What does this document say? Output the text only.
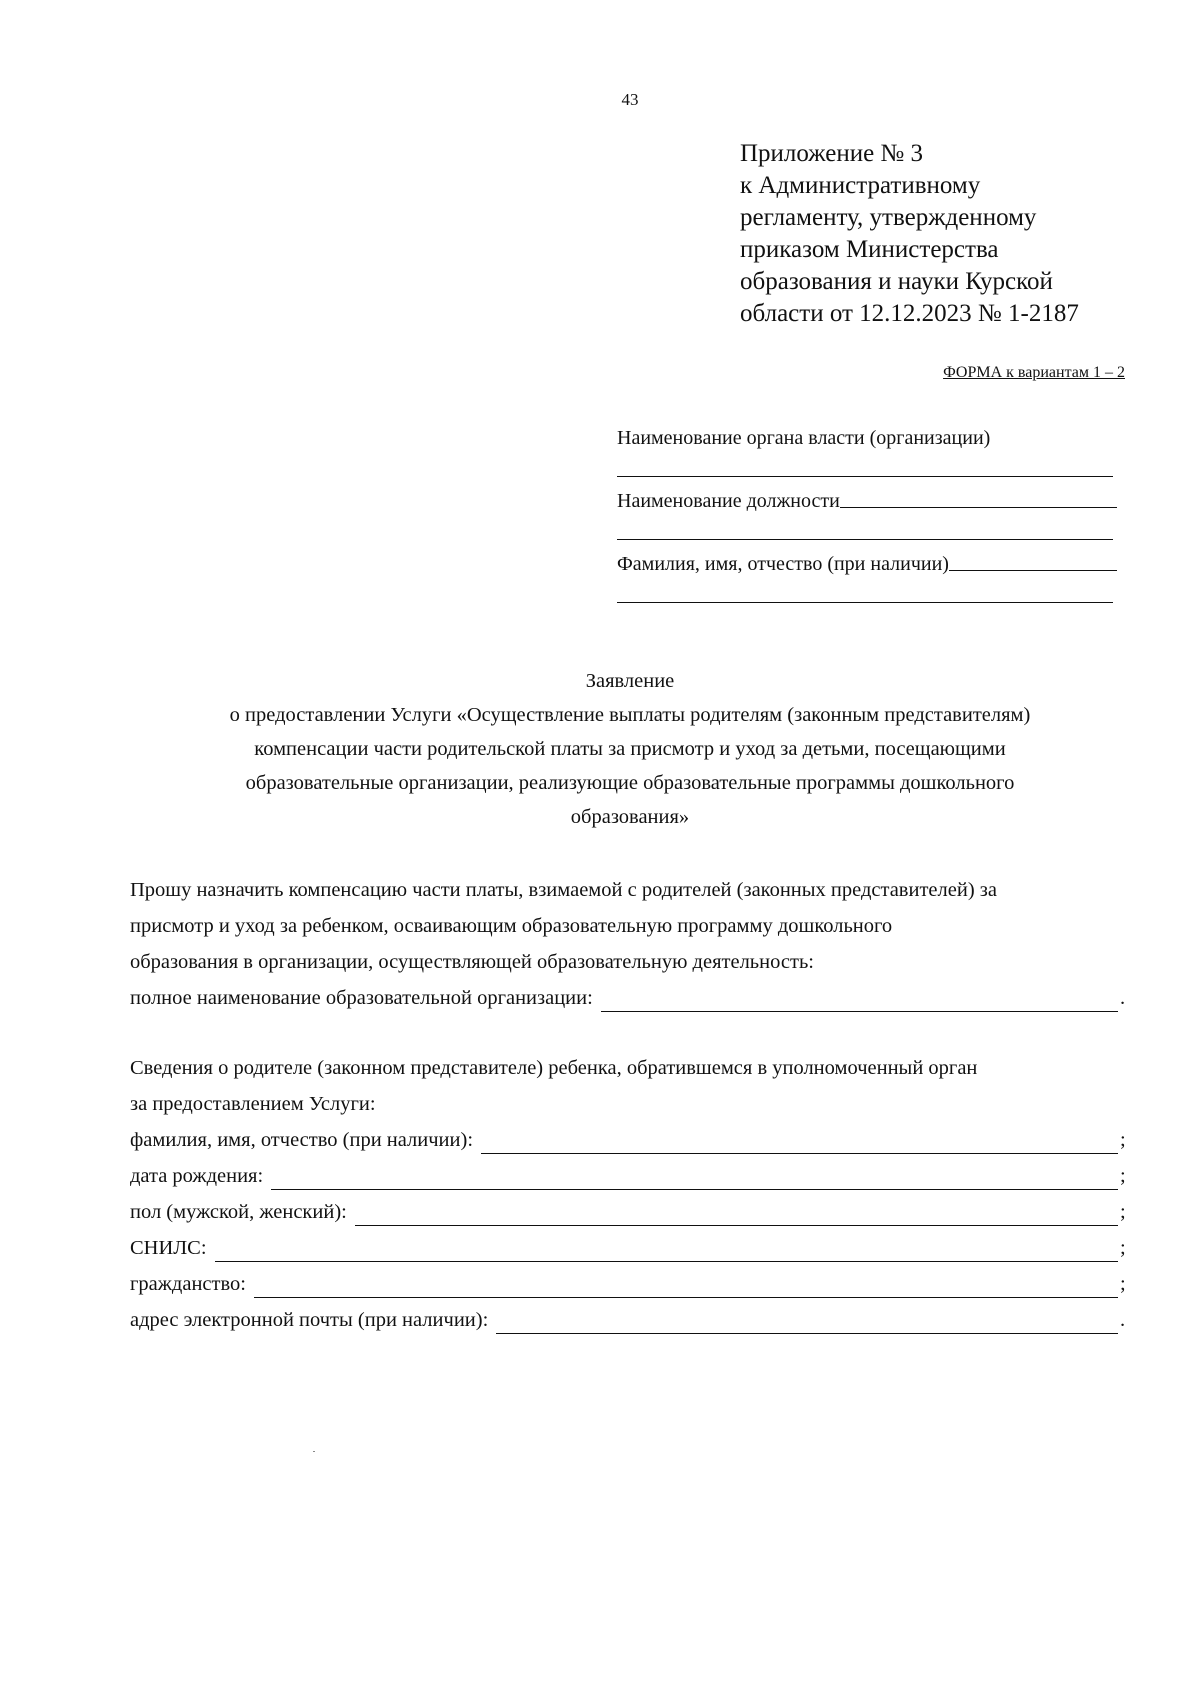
43
Приложение № 3
к Административному
регламенту, утвержденному
приказом Министерства
образования и науки Курской
области от 12.12.2023 № 1-2187
ФОРМА к вариантам 1 – 2
Наименование органа власти (организации)
Наименование должности
Фамилия, имя, отчество (при наличии)
Заявление
о предоставлении Услуги «Осуществление выплаты родителям (законным представителям)
компенсации части родительской платы за присмотр и уход за детьми, посещающими
образовательные организации, реализующие образовательные программы дошкольного
образования»
Прошу назначить компенсацию части платы, взимаемой с родителей (законных представителей) за
присмотр и уход за ребенком, осваивающим образовательную программу дошкольного
образования в организации, осуществляющей образовательную деятельность:
полное наименование образовательной организации:	.
Сведения о родителе (законном представителе) ребенка, обратившемся в уполномоченный орган
за предоставлением Услуги:
фамилия, имя, отчество (при наличии):	;
дата рождения:	;
пол (мужской, женский):	;
СНИЛС:	;
гражданство:	;
адрес электронной почты (при наличии):	.
